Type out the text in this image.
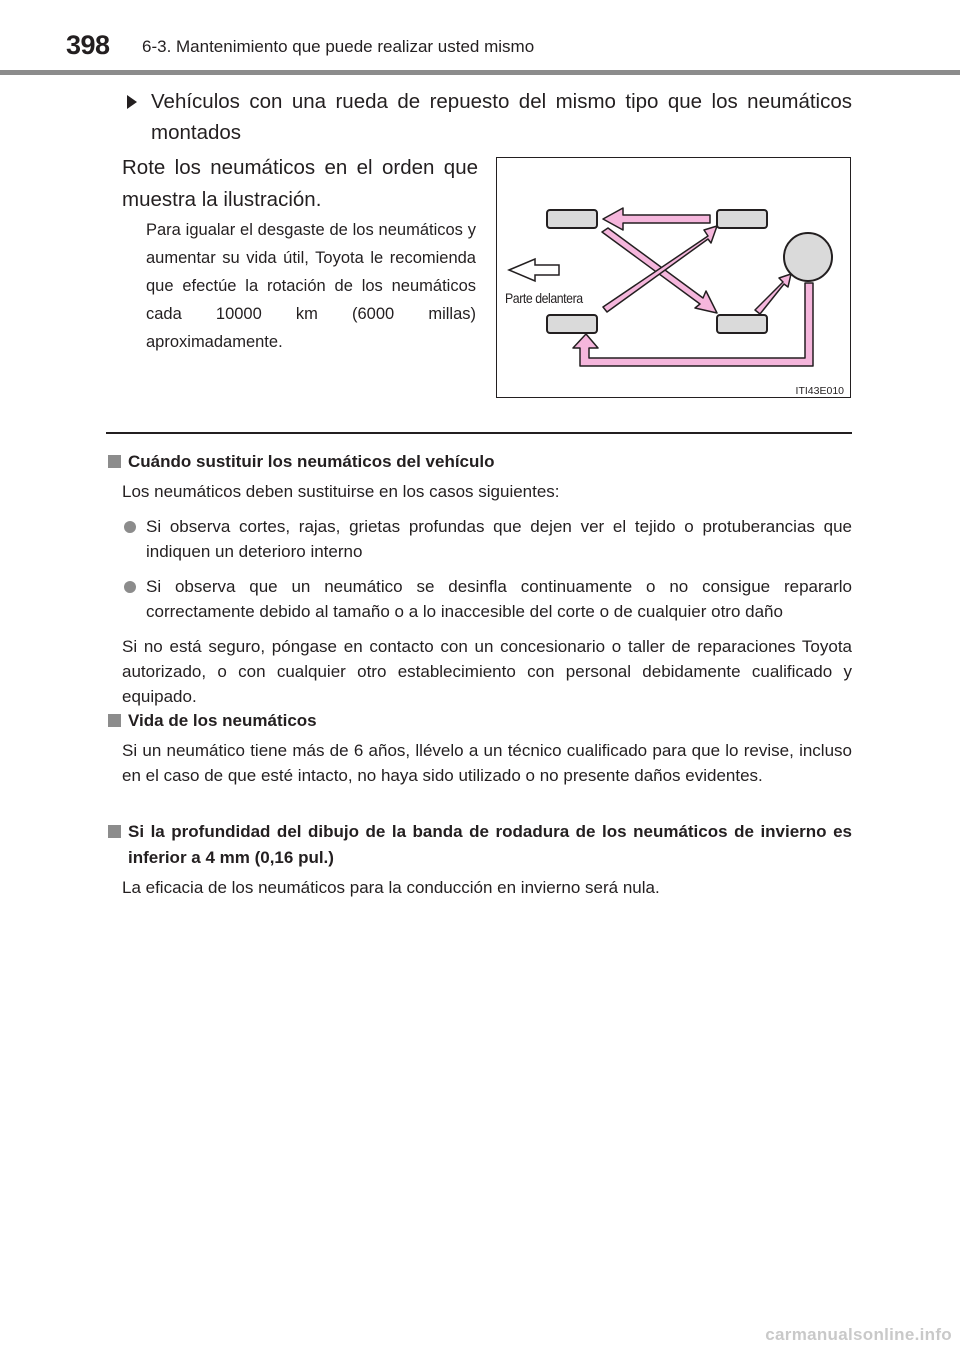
398 6-3. Mantenimiento que puede realizar usted mismo
Vehículos con una rueda de repuesto del mismo tipo que los neumáticos montados
Rote los neumáticos en el orden que muestra la ilustración.
Para igualar el desgaste de los neumáticos y aumentar su vida útil, Toyota le recomienda que efectúe la rotación de los neumáticos cada 10000 km (6000 millas) aproximadamente.
Parte delantera
ITI43E010
Cuándo sustituir los neumáticos del vehículo
Los neumáticos deben sustituirse en los casos siguientes:
Si observa cortes, rajas, grietas profundas que dejen ver el tejido o protuberancias que indiquen un deterioro interno
Si observa que un neumático se desinfla continuamente o no consigue repararlo correctamente debido al tamaño o a lo inaccesible del corte o de cualquier otro daño
Si no está seguro, póngase en contacto con un concesionario o taller de reparaciones Toyota autorizado, o con cualquier otro establecimiento con personal debidamente cualificado y equipado.
Vida de los neumáticos
Si un neumático tiene más de 6 años, llévelo a un técnico cualificado para que lo revise, incluso en el caso de que esté intacto, no haya sido utilizado o no presente daños evidentes.
Si la profundidad del dibujo de la banda de rodadura de los neumáticos de invierno es inferior a 4 mm (0,16 pul.)
La eficacia de los neumáticos para la conducción en invierno será nula.
carmanualsonline.info
